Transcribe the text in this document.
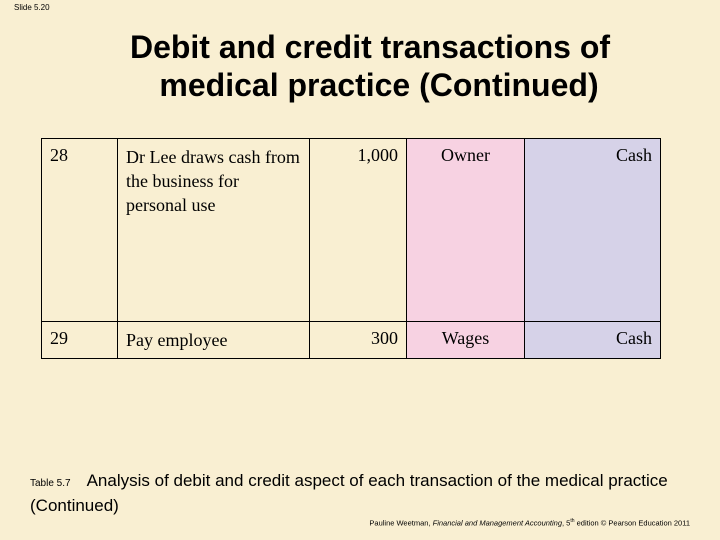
Slide 5.20
Debit and credit transactions of
medical practice (Continued)
28	Dr Lee draws cash from the business for personal use	1,000	Owner	Cash
29	Pay employee	300	Wages	Cash
Table 5.7 Analysis of debit and credit aspect of each transaction of the medical practice (Continued)
Pauline Weetman, Financial and Management Accounting, 5th edition © Pearson Education 2011
